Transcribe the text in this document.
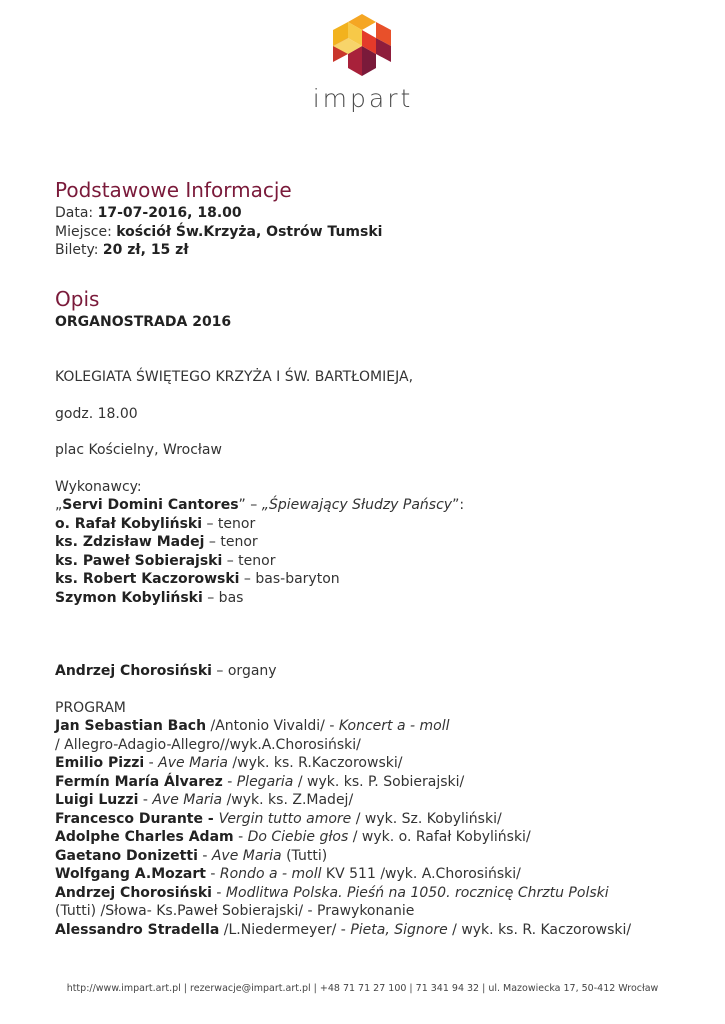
impart
Podstawowe Informacje

Data: 17-07-2016, 18.00

Miejsce: kościół Św.Krzyża, Ostrów Tumski

Bilety: 20 zł, 15 zł

Opis

ORGANOSTRADA 2016

KOLEGIATA ŚWIĘTEGO KRZYŻA I ŚW. BARTŁOMIEJA,

godz. 18.00

plac Kościelny, Wrocław

Wykonawcy:

„Servi Domini Cantores” – „Śpiewający Słudzy Pańscy”:

o. Rafał Kobyliński – tenor

ks. Zdzisław Madej – tenor

ks. Paweł Sobierajski – tenor

ks. Robert Kaczorowski – bas-baryton

Szymon Kobyliński – bas

Andrzej Chorosiński – organy

PROGRAM

Jan Sebastian Bach /Antonio Vivaldi/ - Koncert a - moll

/ Allegro-Adagio-Allegro//wyk.A.Chorosiński/

Emilio Pizzi - Ave Maria /wyk. ks. R.Kaczorowski/

Fermín María Álvarez - Plegaria / wyk. ks. P. Sobierajski/

Luigi Luzzi - Ave Maria /wyk. ks. Z.Madej/

Francesco Durante - Vergin tutto amore / wyk. Sz. Kobyliński/

Adolphe Charles Adam - Do Ciebie głos / wyk. o. Rafał Kobyliński/

Gaetano Donizetti - Ave Maria (Tutti)

Wolfgang A.Mozart - Rondo a - moll KV 511 /wyk. A.Chorosiński/

Andrzej Chorosiński - Modlitwa Polska. Pieśń na 1050. rocznicę Chrztu Polski

(Tutti) /Słowa- Ks.Paweł Sobierajski/ - Prawykonanie

Alessandro Stradella /L.Niedermeyer/ - Pieta, Signore / wyk. ks. R. Kaczorowski/

http://www.impart.art.pl | rezerwacje@impart.art.pl | +48 71 71 27 100 | 71 341 94 32 | ul. Mazowiecka 17, 50-412 Wrocław
